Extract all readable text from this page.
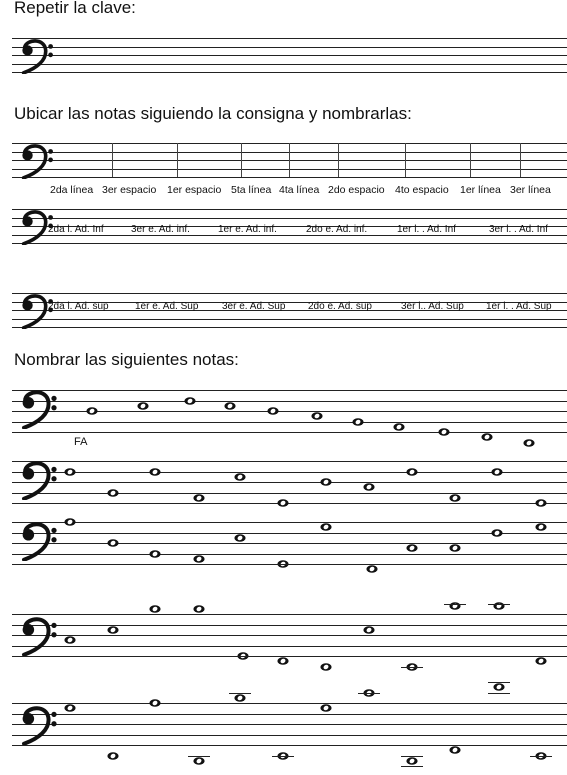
Repetir la clave:
Ubicar las notas siguiendo la consigna y nombrarlas:
2da línea 3er espacio 1er espacio 5ta línea 4ta línea 2do espacio 4to espacio 1er línea 3er línea
2da l. Ad. Inf	3er e. Ad. inf.	1er e. Ad. inf.	2do e. Ad. inf.	1er l. . Ad. Inf	3er l. . Ad. Inf
2da l. Ad. sup	1er e. Ad. Sup 3er e. Ad. Sup 2do e. Ad. sup	3er l.. Ad. Sup 1er l. . Ad. Sup
Nombrar las siguientes notas:
FA
